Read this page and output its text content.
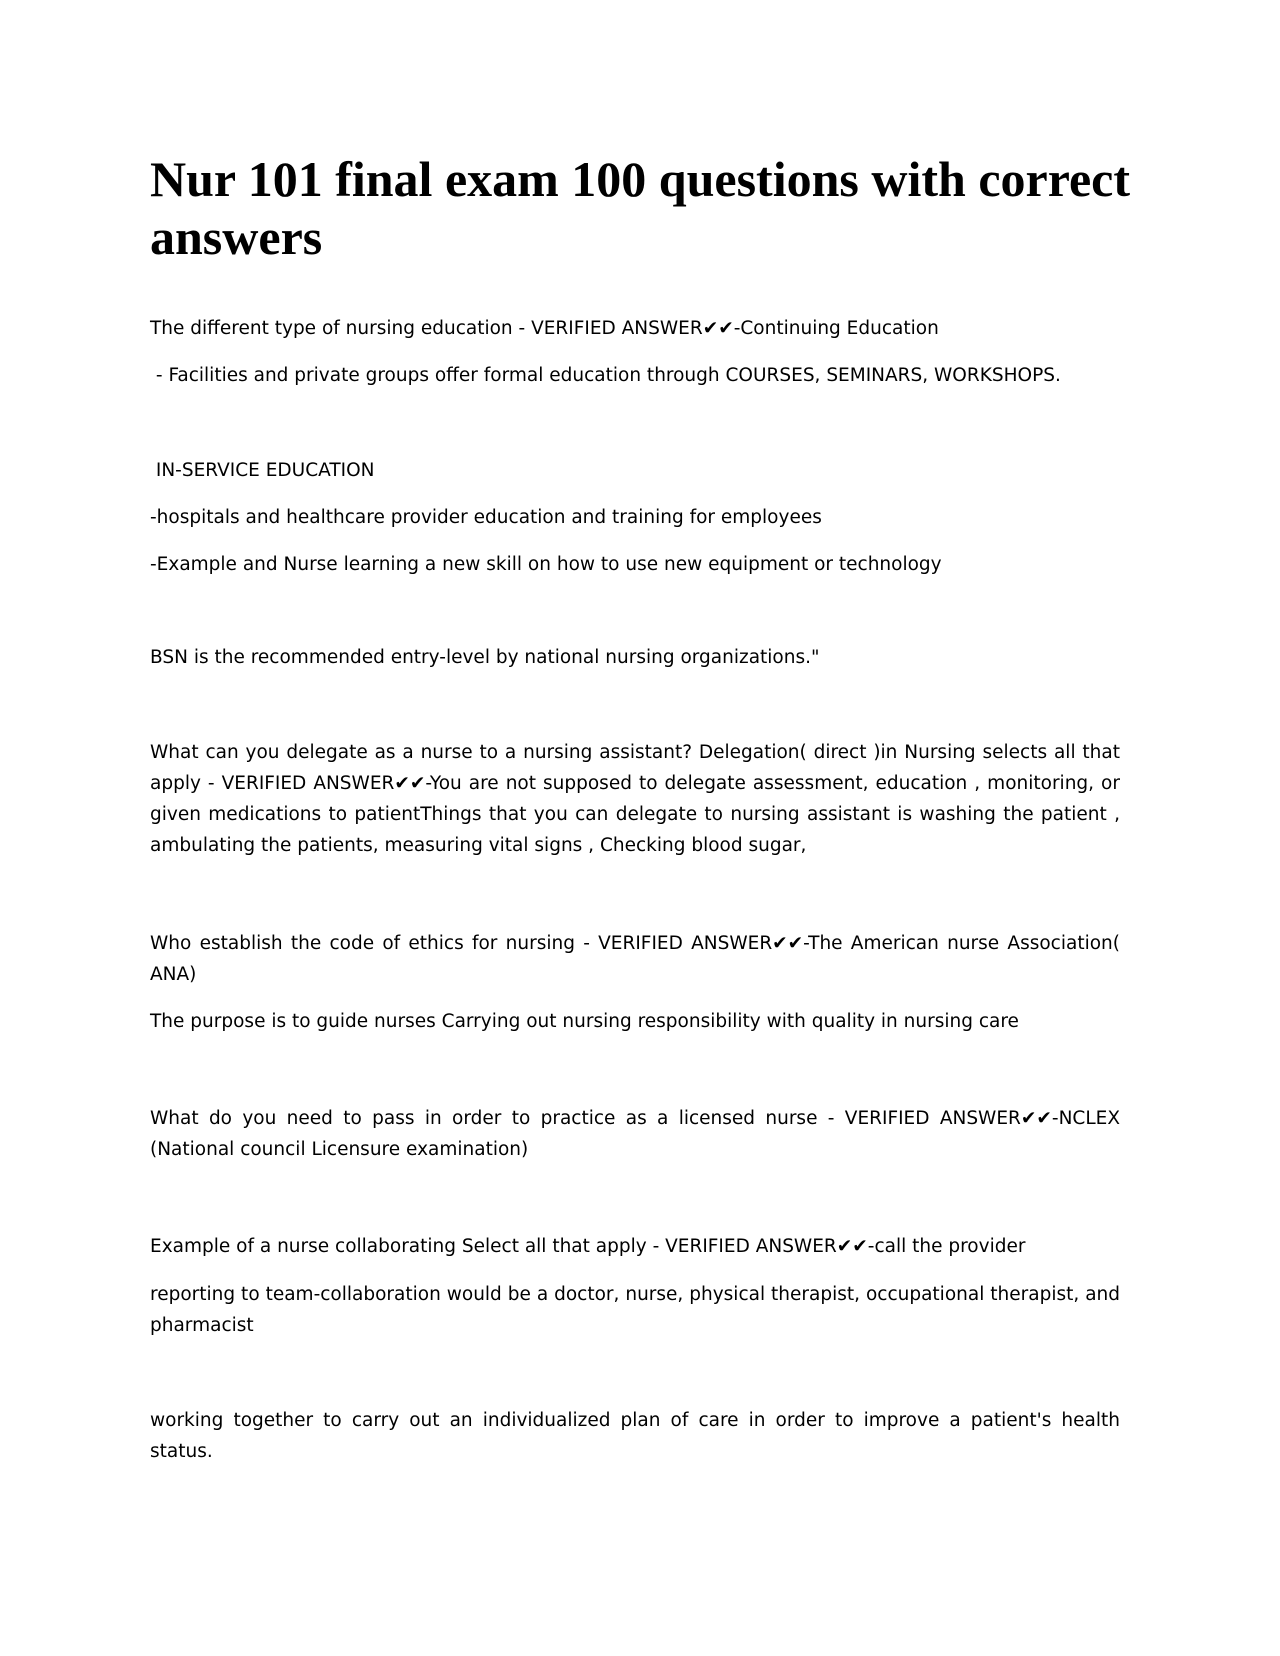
Nur 101 final exam 100 questions with correct answers

The different type of nursing education - VERIFIED ANSWER✔✔-Continuing Education

- Facilities and private groups offer formal education through COURSES, SEMINARS, WORKSHOPS.

IN-SERVICE EDUCATION

-hospitals and healthcare provider education and training for employees

-Example and Nurse learning a new skill on how to use new equipment or technology

BSN is the recommended entry-level by national nursing organizations."

What can you delegate as a nurse to a nursing assistant? Delegation( direct )in Nursing selects all that apply - VERIFIED ANSWER✔✔-You are not supposed to delegate assessment, education , monitoring, or given medications to patientThings that you can delegate to nursing assistant is washing the patient , ambulating the patients, measuring vital signs , Checking blood sugar,

Who establish the code of ethics for nursing - VERIFIED ANSWER✔✔-The American nurse Association( ANA)

The purpose is to guide nurses Carrying out nursing responsibility with quality in nursing care

What do you need to pass in order to practice as a licensed nurse - VERIFIED ANSWER✔✔-NCLEX (National council Licensure examination)

Example of a nurse collaborating Select all that apply - VERIFIED ANSWER✔✔-call the provider

reporting to team-collaboration would be a doctor, nurse, physical therapist, occupational therapist, and pharmacist

working together to carry out an individualized plan of care in order to improve a patient's health status.
